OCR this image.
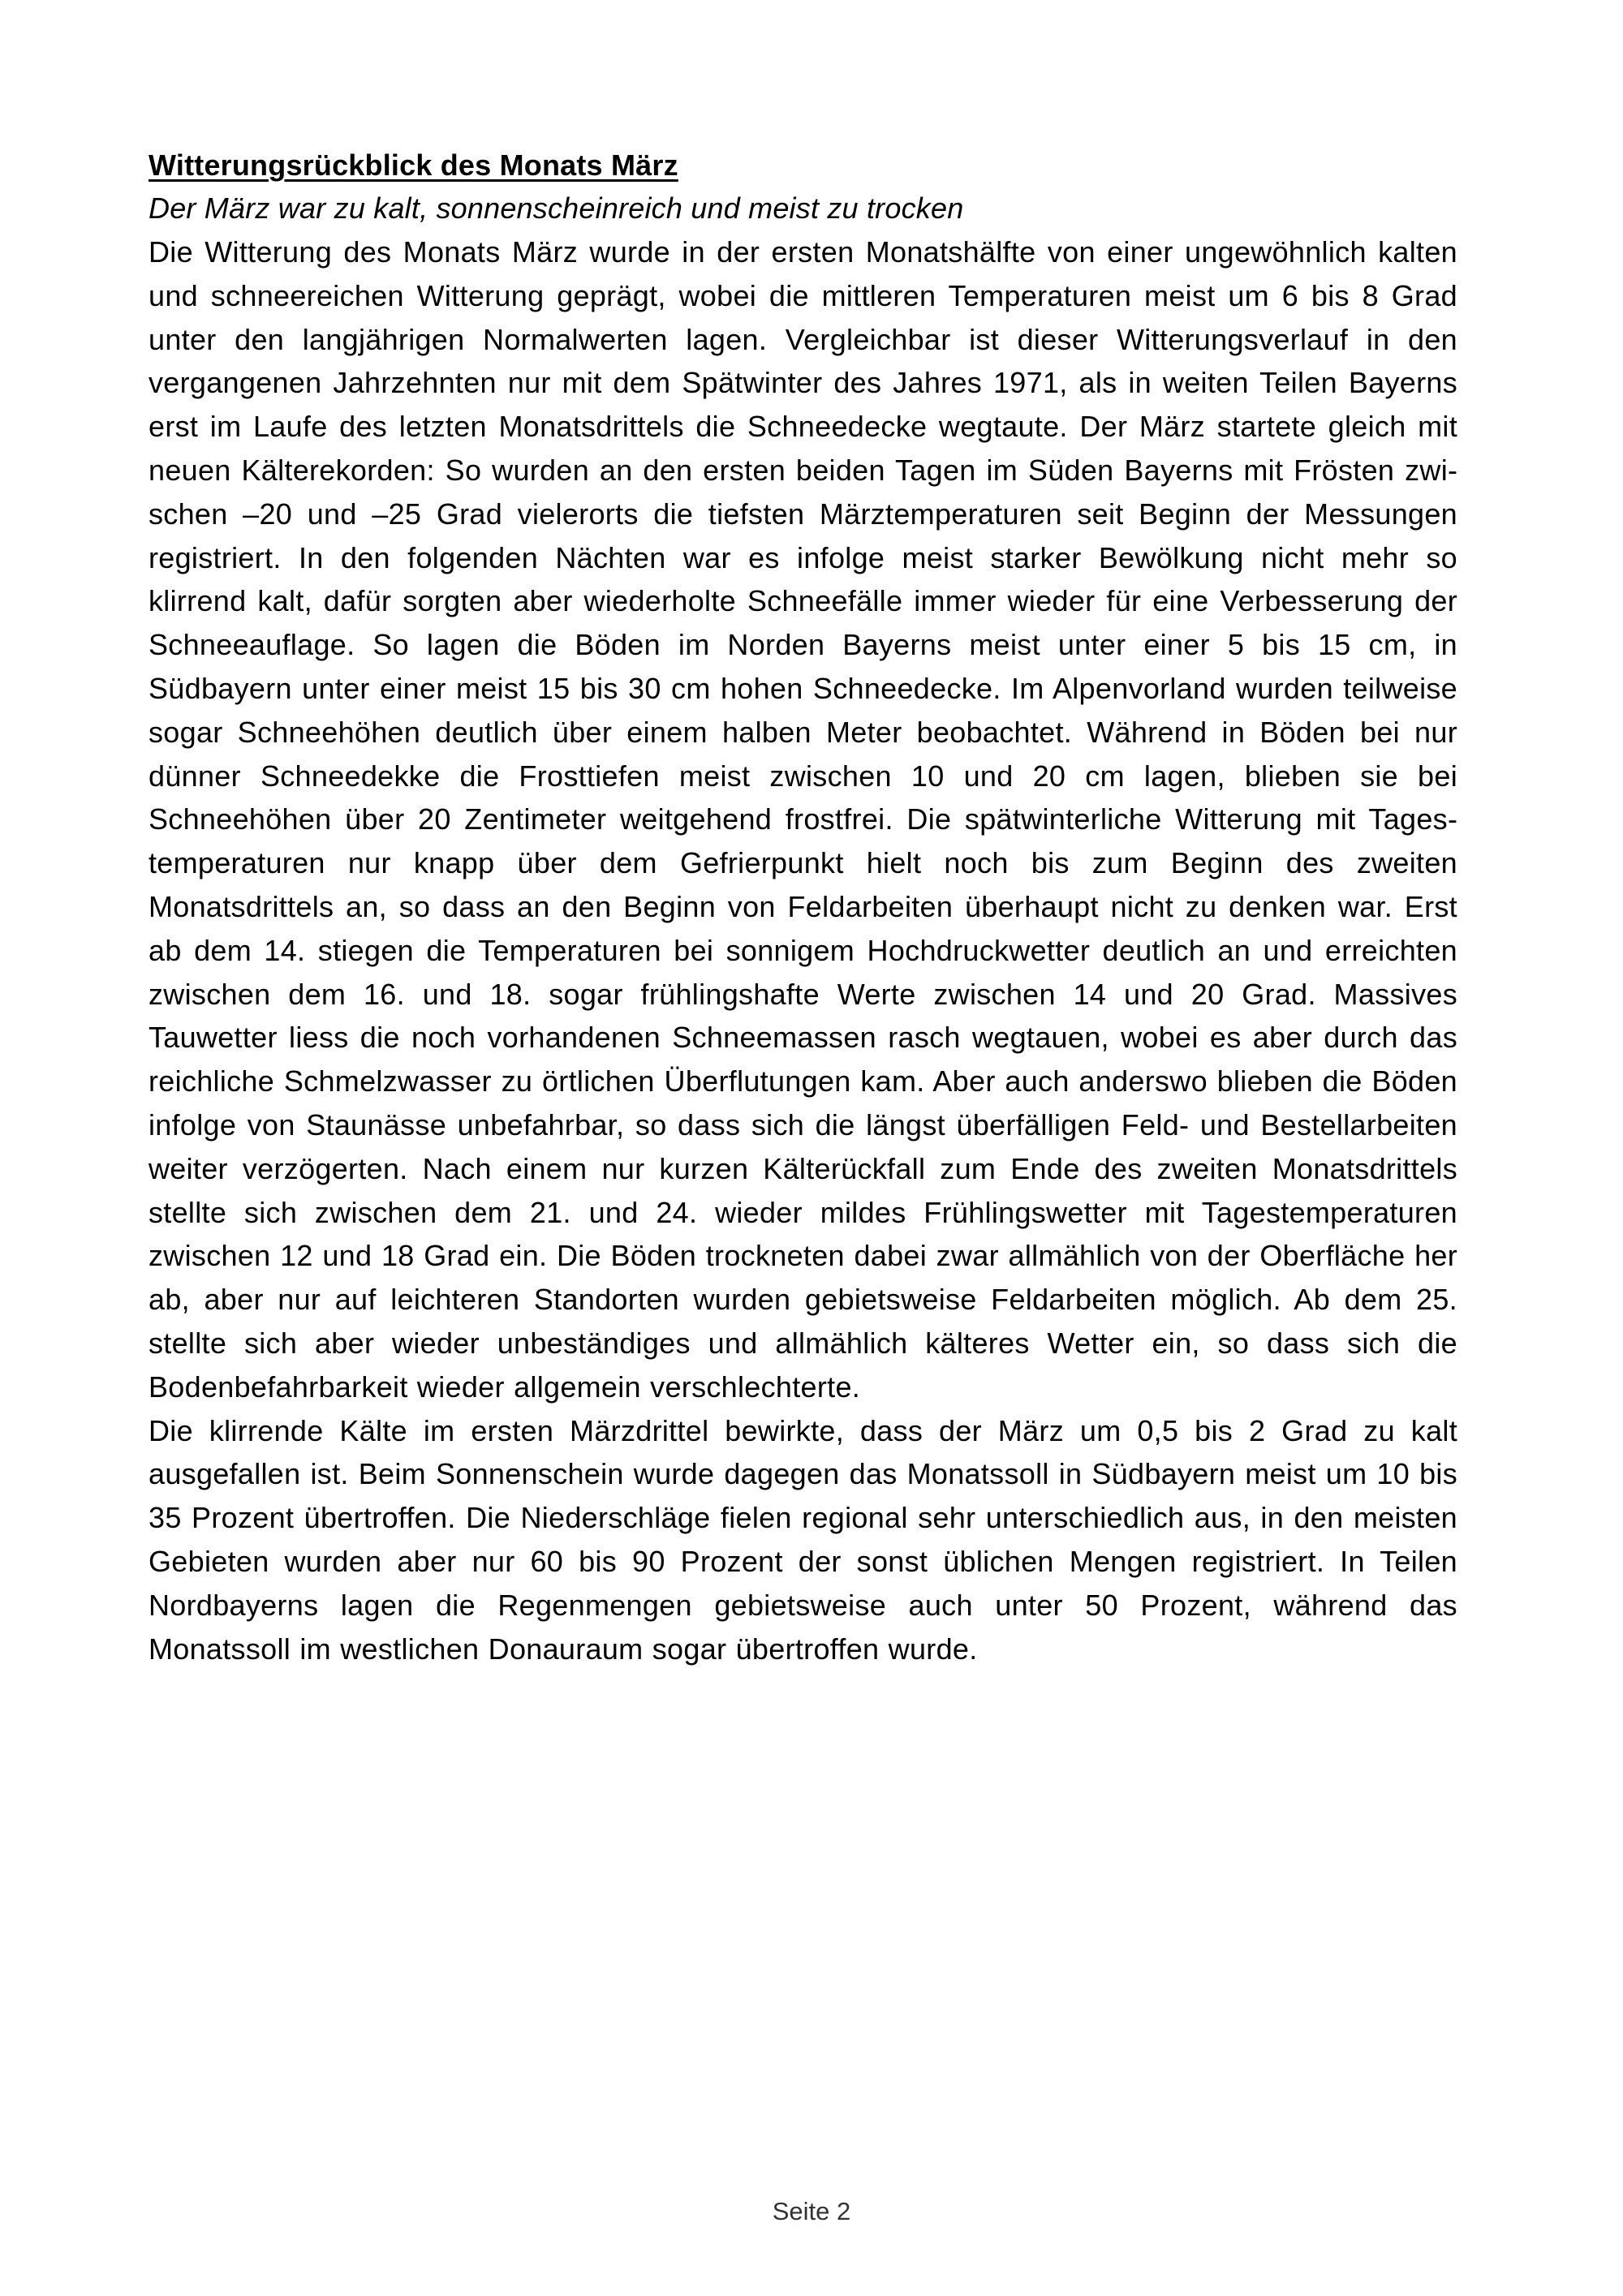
Witterungsrückblick des Monats März

Der März war zu kalt, sonnenscheinreich und meist zu trocken

Die Witterung des Monats März wurde in der ersten Monatshälfte von einer ungewöhnlich kalten und schneereichen Witterung geprägt, wobei die mittleren Temperaturen meist um 6 bis 8 Grad unter den langjährigen Normalwerten lagen. Vergleichbar ist dieser Witterungsverlauf in den vergangenen Jahrzehnten nur mit dem Spätwinter des Jahres 1971, als in weiten Teilen Bayerns erst im Laufe des letzten Monatsdrittels die Schneedecke wegtaute. Der März startete gleich mit neuen Kälterekorden: So wurden an den ersten beiden Tagen im Süden Bayerns mit Frösten zwischen –20 und –25 Grad vielerorts die tiefsten Märztemperaturen seit Beginn der Messungen registriert. In den folgenden Nächten war es infolge meist starker Bewölkung nicht mehr so klirrend kalt, dafür sorgten aber wiederholte Schneefälle immer wieder für eine Verbesserung der Schneeauflage. So lagen die Böden im Norden Bayerns meist unter einer 5 bis 15 cm, in Südbayern unter einer meist 15 bis 30 cm hohen Schneedecke. Im Alpenvorland wurden teilweise sogar Schneehöhen deutlich über einem halben Meter beobachtet. Während in Böden bei nur dünner Schneedekke die Frosttiefen meist zwischen 10 und 20 cm lagen, blieben sie bei Schneehöhen über 20 Zentimeter weitgehend frostfrei. Die spätwinterliche Witterung mit Tagestemperaturen nur knapp über dem Gefrierpunkt hielt noch bis zum Beginn des zweiten Monatsdrittels an, so dass an den Beginn von Feldarbeiten überhaupt nicht zu denken war. Erst ab dem 14. stiegen die Temperaturen bei sonnigem Hochdruckwetter deutlich an und erreichten zwischen dem 16. und 18. sogar frühlingshafte Werte zwischen 14 und 20 Grad. Massives Tauwetter liess die noch vorhandenen Schneemassen rasch wegtauen, wobei es aber durch das reichliche Schmelzwasser zu örtlichen Überflutungen kam. Aber auch anderswo blieben die Böden infolge von Staunässe unbefahrbar, so dass sich die längst überfälligen Feld- und Bestellarbeiten weiter verzögerten. Nach einem nur kurzen Kälterückfall zum Ende des zweiten Monatsdrittels stellte sich zwischen dem 21. und 24. wieder mildes Frühlingswetter mit Tagestemperaturen zwischen 12 und 18 Grad ein. Die Böden trockneten dabei zwar allmählich von der Oberfläche her ab, aber nur auf leichteren Standorten wurden gebietsweise Feldarbeiten möglich. Ab dem 25. stellte sich aber wieder unbeständiges und allmählich kälteres Wetter ein, so dass sich die Bodenbefahrbarkeit wieder allgemein verschlechterte.

Die klirrende Kälte im ersten Märzdrittel bewirkte, dass der März um 0,5 bis 2 Grad zu kalt ausgefallen ist. Beim Sonnenschein wurde dagegen das Monatssoll in Südbayern meist um 10 bis 35 Prozent übertroffen. Die Niederschläge fielen regional sehr unterschiedlich aus, in den meisten Gebieten wurden aber nur 60 bis 90 Prozent der sonst üblichen Mengen registriert. In Teilen Nordbayerns lagen die Regenmengen gebietsweise auch unter 50 Prozent, während das Monatssoll im westlichen Donauraum sogar übertroffen wurde.

Seite 2
